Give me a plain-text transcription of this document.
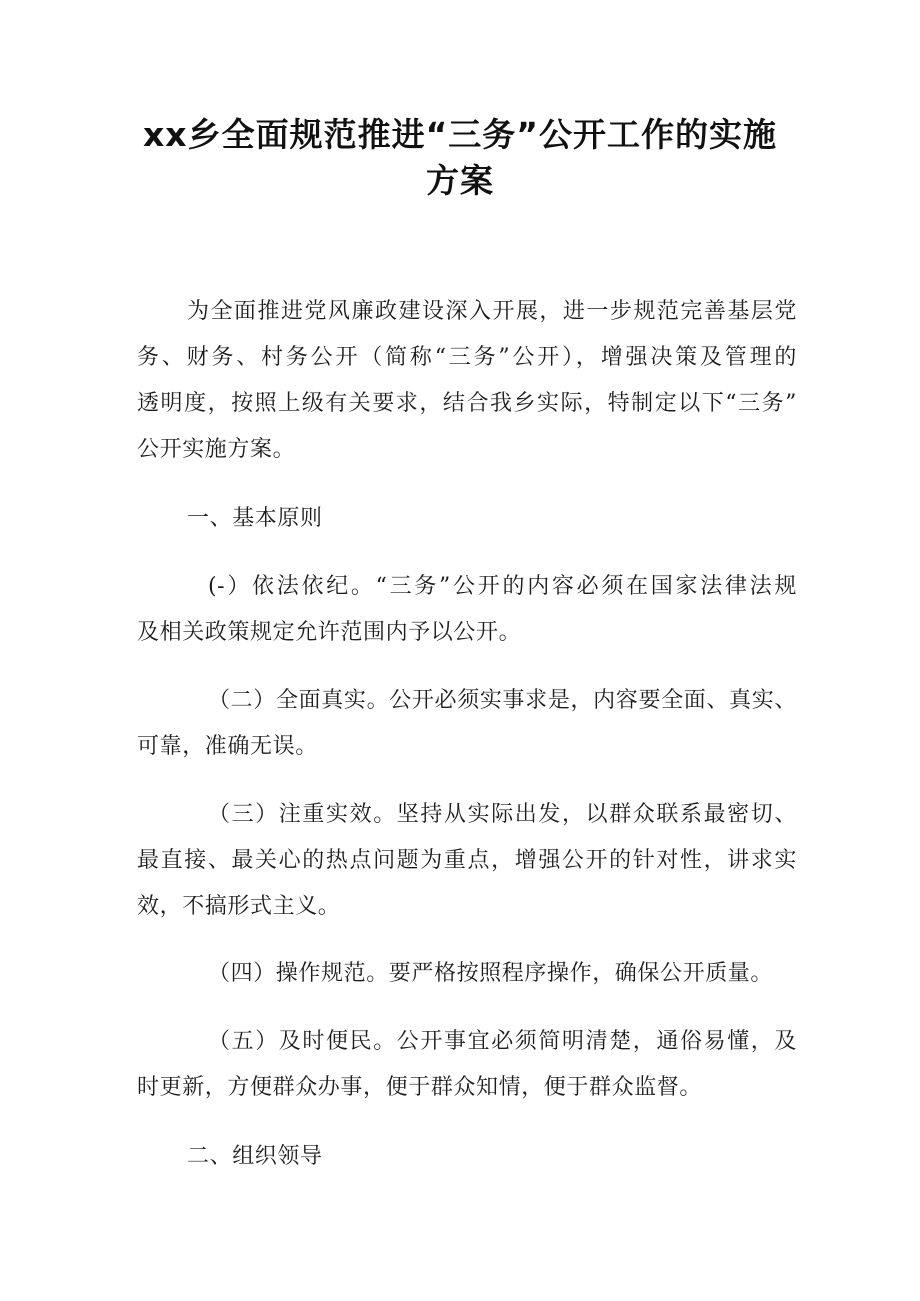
xx乡全面规范推进“三务”公开工作的实施
方案
为全面推进党风廉政建设深入开展，进一步规范完善基层党
务、财务、村务公开（简称“三务”公开），增强决策及管理的
透明度，按照上级有关要求，结合我乡实际，特制定以下“三务”
公开实施方案。
一、基本原则
(-）依法依纪。“三务”公开的内容必须在国家法律法规
及相关政策规定允许范围内予以公开。
（二）全面真实。公开必须实事求是，内容要全面、真实、
可靠，准确无误。
（三）注重实效。坚持从实际出发，以群众联系最密切、
最直接、最关心的热点问题为重点，增强公开的针对性，讲求实
效，不搞形式主义。
（四）操作规范。要严格按照程序操作，确保公开质量。
（五）及时便民。公开事宜必须简明清楚，通俗易懂，及
时更新，方便群众办事，便于群众知情，便于群众监督。
二、组织领导
